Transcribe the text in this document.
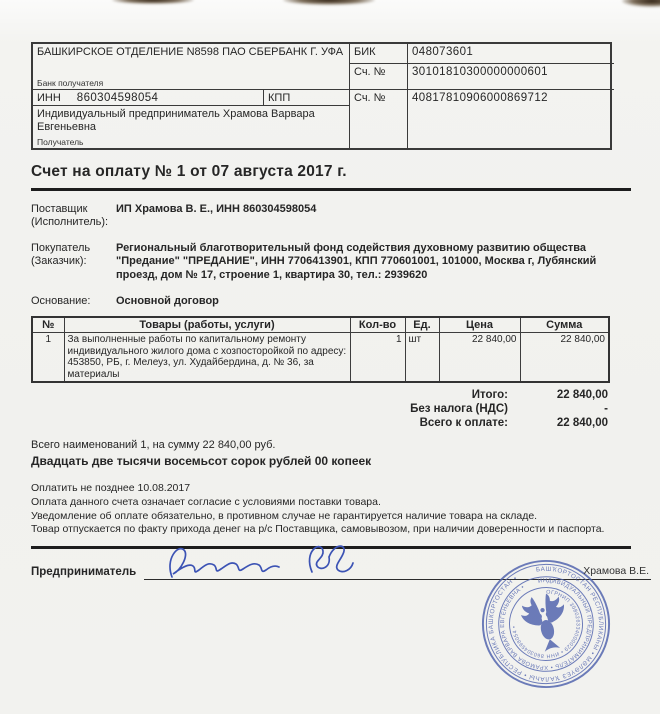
БАШКИРСКОЕ ОТДЕЛЕНИЕ N8598 ПАО СБЕРБАНК Г. УФА
Банк получателя
БИК	048073601
Сч. №	30101810300000000601
ИНН 860304598054	КПП
Индивидуальный предприниматель Храмова Варвара Евгеньевна
Получатель
Сч. №	40817810906000869712
Счет на оплату № 1 от 07 августа 2017 г.
Поставщик
(Исполнитель):
ИП Храмова В. Е., ИНН 860304598054
Покупатель
(Заказчик):
Региональный благотворительный фонд содействия духовному развитию общества "Предание" "ПРЕДАНИЕ", ИНН 7706413901, КПП 770601001, 101000, Москва г, Лубянский проезд, дом № 17, строение 1, квартира 30, тел.: 2939620
Основание:	Основной договор
№	Товары (работы, услуги)	Кол-во	Ед.	Цена	Сумма
1	За выполненные работы по капитальному ремонту индивидуального жилого дома с хозпосторойкой по адресу: 453850, РБ, г. Мелеуз, ул. Худайбердина, д. № 36, за материалы	1	шт	22 840,00	22 840,00
Итого:	22 840,00
Без налога (НДС)	-
Всего к оплате:	22 840,00
Всего наименований 1, на сумму 22 840,00 руб.
Двадцать две тысячи восемьсот сорок рублей 00 копеек
Оплатить не позднее 10.08.2017
Оплата данного счета означает согласие с условиями поставки товара.
Уведомление об оплате обязательно, в противном случае не гарантируется наличие товара на складе.
Товар отпускается по факту прихода денег на р/с Поставщика, самовывозом, при наличии доверенности и паспорта.
Предприниматель	Храмова В.Е.
БАШҠОРТОСТАН РЕСПУБЛИКАҺЫ • МӘЛӘҮЕЗ ҠАЛАҺЫ • РЕСПУБЛИКА БАШКОРТОСТАН •	ИНДИВИДУАЛЬНЫЙ ПРЕДПРИНИМАТЕЛЬ • ХРАМОВА ВАРВАРА ЕВГЕНЬЕВНА •
ОГРНИП 308026334000029 • ИНН 860304598054 •
